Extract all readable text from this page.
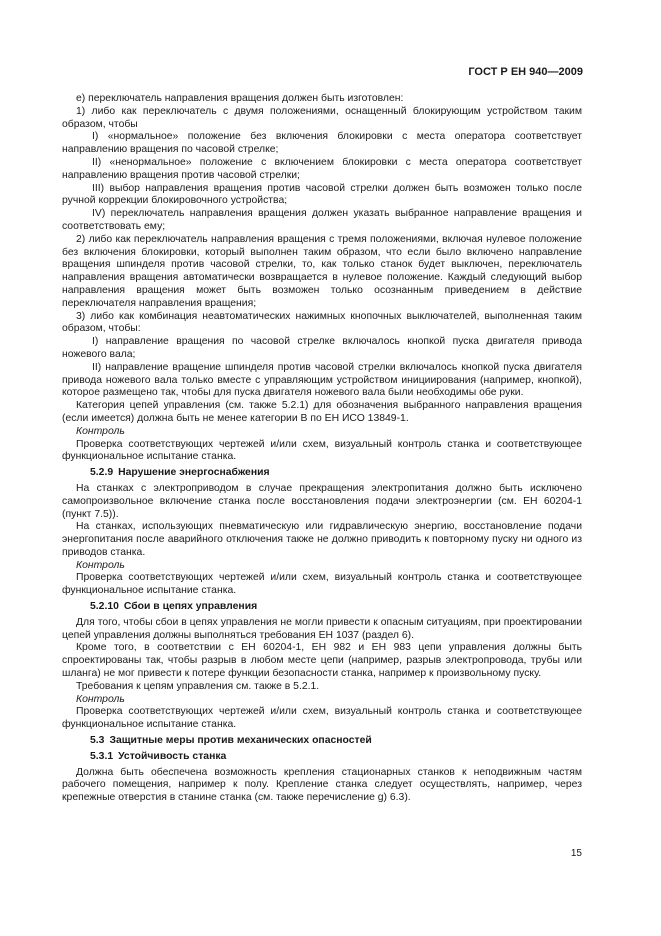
ГОСТ Р ЕН 940—2009

е) переключатель направления вращения должен быть изготовлен:

1) либо как переключатель с двумя положениями, оснащенный блокирующим устройством таким образом, чтобы

I) «нормальное» положение без включения блокировки с места оператора соответствует направлению вращения по часовой стрелке;

II) «ненормальное» положение с включением блокировки с места оператора соответствует направлению вращения против часовой стрелки;

III) выбор направления вращения против часовой стрелки должен быть возможен только после ручной коррекции блокировочного устройства;

IV) переключатель направления вращения должен указать выбранное направление вращения и соответствовать ему;

2) либо как переключатель направления вращения с тремя положениями, включая нулевое положение без включения блокировки, который выполнен таким образом, что если было включено направление вращения шпинделя против часовой стрелки, то, как только станок будет выключен, переключатель направления вращения автоматически возвращается в нулевое положение. Каждый следующий выбор направления вращения может быть возможен только осознанным приведением в действие переключателя направления вращения;

3) либо как комбинация неавтоматических нажимных кнопочных выключателей, выполненная таким образом, чтобы:

I) направление вращения по часовой стрелке включалось кнопкой пуска двигателя привода ножевого вала;

II) направление вращение шпинделя против часовой стрелки включалось кнопкой пуска двигателя привода ножевого вала только вместе с управляющим устройством инициирования (например, кнопкой), которое размещено так, чтобы для пуска двигателя ножевого вала были необходимы обе руки.

Категория цепей управления (см. также 5.2.1) для обозначения выбранного направления вращения (если имеется) должна быть не менее категории В по ЕН ИСО 13849-1.

Контроль

Проверка соответствующих чертежей и/или схем, визуальный контроль станка и соответствующее функциональное испытание станка.

5.2.9 Нарушение энергоснабжения

На станках с электроприводом в случае прекращения электропитания должно быть исключено самопроизвольное включение станка после восстановления подачи электроэнергии (см. ЕН 60204-1 (пункт 7.5)).

На станках, использующих пневматическую или гидравлическую энергию, восстановление подачи энергопитания после аварийного отключения также не должно приводить к повторному пуску ни одного из приводов станка.

Контроль

Проверка соответствующих чертежей и/или схем, визуальный контроль станка и соответствующее функциональное испытание станка.

5.2.10 Сбои в цепях управления

Для того, чтобы сбои в цепях управления не могли привести к опасным ситуациям, при проектировании цепей управления должны выполняться требования ЕН 1037 (раздел 6).

Кроме того, в соответствии с ЕН 60204-1, ЕН 982 и ЕН 983 цепи управления должны быть спроектированы так, чтобы разрыв в любом месте цепи (например, разрыв электропровода, трубы или шланга) не мог привести к потере функции безопасности станка, например к произвольному пуску.

Требования к цепям управления см. также в 5.2.1.

Контроль

Проверка соответствующих чертежей и/или схем, визуальный контроль станка и соответствующее функциональное испытание станка.

5.3 Защитные меры против механических опасностей

5.3.1 Устойчивость станка

Должна быть обеспечена возможность крепления стационарных станков к неподвижным частям рабочего помещения, например к полу. Крепление станка следует осуществлять, например, через крепежные отверстия в станине станка (см. также перечисление g) 6.3).

15
